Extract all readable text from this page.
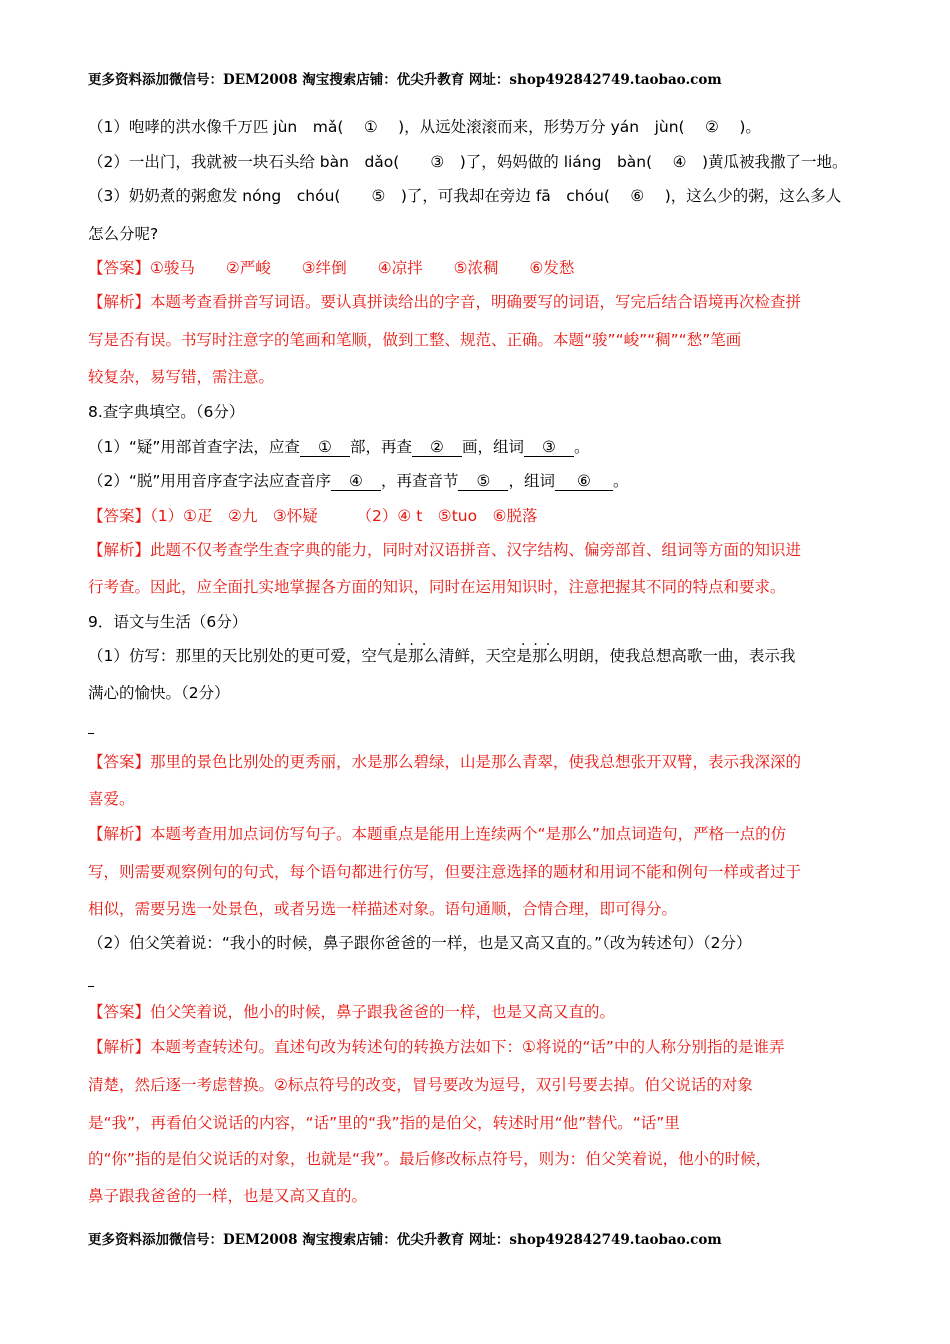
更多资料添加微信号：DEM2008 淘宝搜索店铺：优尖升教育 网址：shop492842749.taobao.com
（1）咆哮的洪水像千万匹 jùn　mǎ(　 ①　 )，从远处滚滚而来，形势万分 yán　jùn(　 ②　 )。
（2）一出门，我就被一块石头给 bàn　dǎo(　　③　)了，妈妈做的 liáng　bàn(　 ④　)黄瓜被我撒了一地。
（3）奶奶煮的粥愈发 nóng　chóu(　　⑤　)了，可我却在旁边 fā　chóu(　 ⑥　 )，这么少的粥，这么多人
怎么分呢?
【答案】①骏马　　②严峻　　③绊倒　　④凉拌　　⑤浓稠　　⑥发愁
【解析】本题考查看拼音写词语。要认真拼读给出的字音，明确要写的词语，写完后结合语境再次检查拼
写是否有误。书写时注意字的笔画和笔顺，做到工整、规范、正确。本题“骏”“峻”“稠”“愁”笔画
较复杂，易写错，需注意。
8.查字典填空。（6分）
（1）“疑”用部首查字法，应查 ① 部，再查 ② 画，组词 ③ 。
（2）“脱”用用音序查字法应查音序 ④ ，再查音节 ⑤ ，组词 ⑥ 。
【答案】（1）①疋　②九　③怀疑　　　（2）④ t　⑤tuo　⑥脱落
【解析】此题不仅考查学生查字典的能力，同时对汉语拼音、汉字结构、偏旁部首、组词等方面的知识进
行考查。因此，应全面扎实地掌握各方面的知识，同时在运用知识时，注意把握其不同的特点和要求。
9．语文与生活（6分）
（1）仿写：那里的天比别处的更可爱，空气是那么 ···清鲜，天空是那么 ···明朗，使我总想高歌一曲，表示我
满心的愉快。（2分）
【答案】那里的景色比别处的更秀丽，水是那么碧绿，山是那么青翠，使我总想张开双臂，表示我深深的
喜爱。
【解析】本题考查用加点词仿写句子。本题重点是能用上连续两个“是那么”加点词造句，严格一点的仿
写，则需要观察例句的句式，每个语句都进行仿写，但要注意选择的题材和用词不能和例句一样或者过于
相似，需要另选一处景色，或者另选一样描述对象。语句通顺，合情合理，即可得分。
（2）伯父笑着说：“我小的时候，鼻子跟你爸爸的一样，也是又高又直的。”（改为转述句）（2分）
【答案】伯父笑着说，他小的时候，鼻子跟我爸爸的一样，也是又高又直的。
【解析】本题考查转述句。直述句改为转述句的转换方法如下：①将说的“话”中的人称分别指的是谁弄
清楚，然后逐一考虑替换。②标点符号的改变，冒号要改为逗号，双引号要去掉。伯父说话的对象
是“我”，再看伯父说话的内容，“话”里的“我”指的是伯父，转述时用“他”替代。“话”里
的“你”指的是伯父说话的对象，也就是“我”。最后修改标点符号，则为：伯父笑着说，他小的时候，
鼻子跟我爸爸的一样，也是又高又直的。
更多资料添加微信号：DEM2008 淘宝搜索店铺：优尖升教育 网址：shop492842749.taobao.com
